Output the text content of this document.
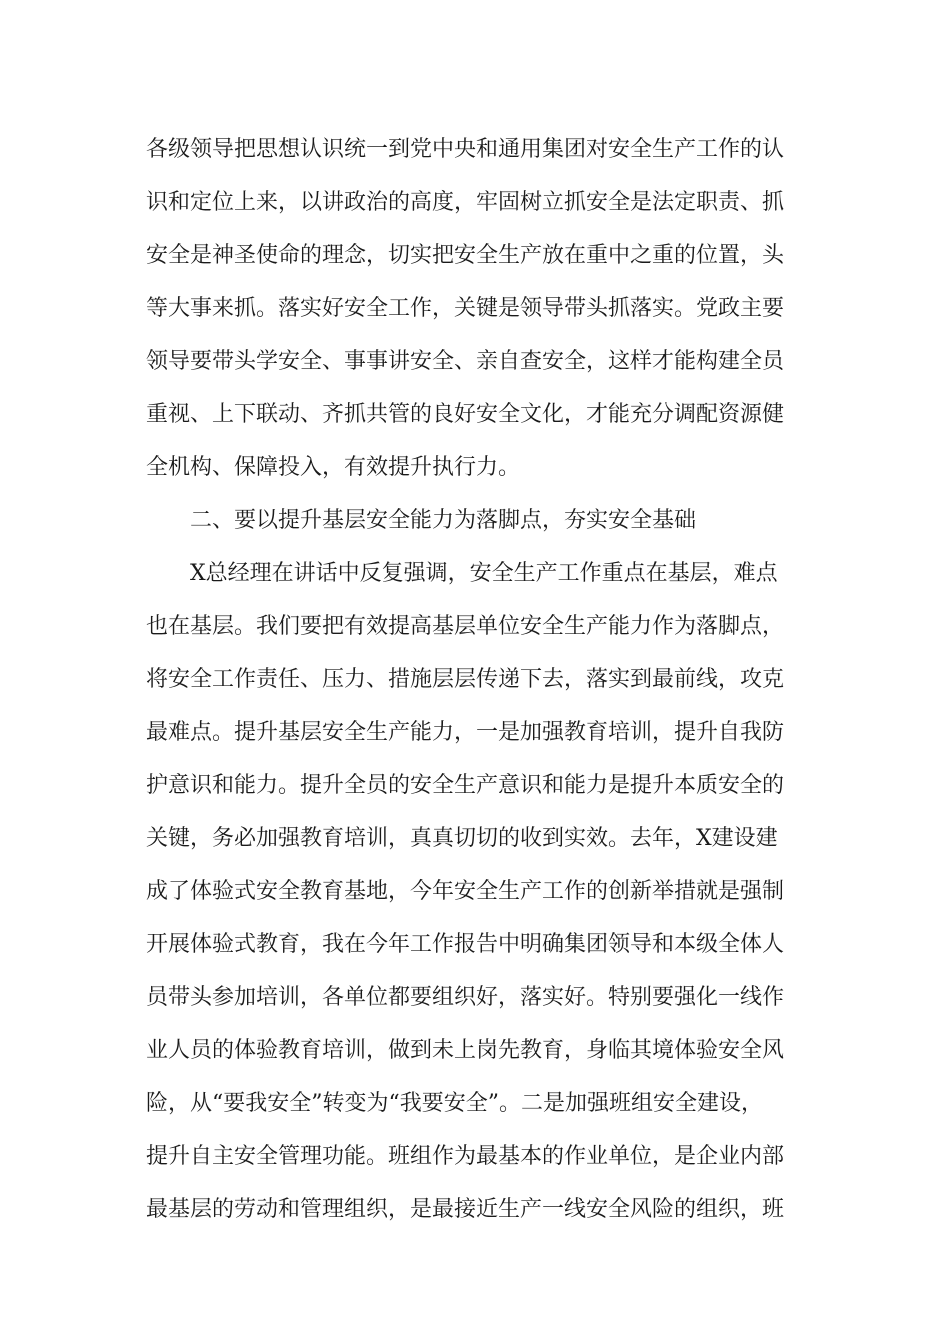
各级领导把思想认识统一到党中央和通用集团对安全生产工作的认
识和定位上来，以讲政治的高度，牢固树立抓安全是法定职责、抓
安全是神圣使命的理念，切实把安全生产放在重中之重的位置，头
等大事来抓。落实好安全工作，关键是领导带头抓落实。党政主要
领导要带头学安全、事事讲安全、亲自查安全，这样才能构建全员
重视、上下联动、齐抓共管的良好安全文化，才能充分调配资源健
全机构、保障投入，有效提升执行力。
二、要以提升基层安全能力为落脚点，夯实安全基础
X总经理在讲话中反复强调，安全生产工作重点在基层，难点
也在基层。我们要把有效提高基层单位安全生产能力作为落脚点，
将安全工作责任、压力、措施层层传递下去，落实到最前线，攻克
最难点。提升基层安全生产能力，一是加强教育培训，提升自我防
护意识和能力。提升全员的安全生产意识和能力是提升本质安全的
关键，务必加强教育培训，真真切切的收到实效。去年，X建设建
成了体验式安全教育基地，今年安全生产工作的创新举措就是强制
开展体验式教育，我在今年工作报告中明确集团领导和本级全体人
员带头参加培训，各单位都要组织好，落实好。特别要强化一线作
业人员的体验教育培训，做到未上岗先教育，身临其境体验安全风
险，从“要我安全”转变为“我要安全”。二是加强班组安全建设，
提升自主安全管理功能。班组作为最基本的作业单位，是企业内部
最基层的劳动和管理组织，是最接近生产一线安全风险的组织，班
